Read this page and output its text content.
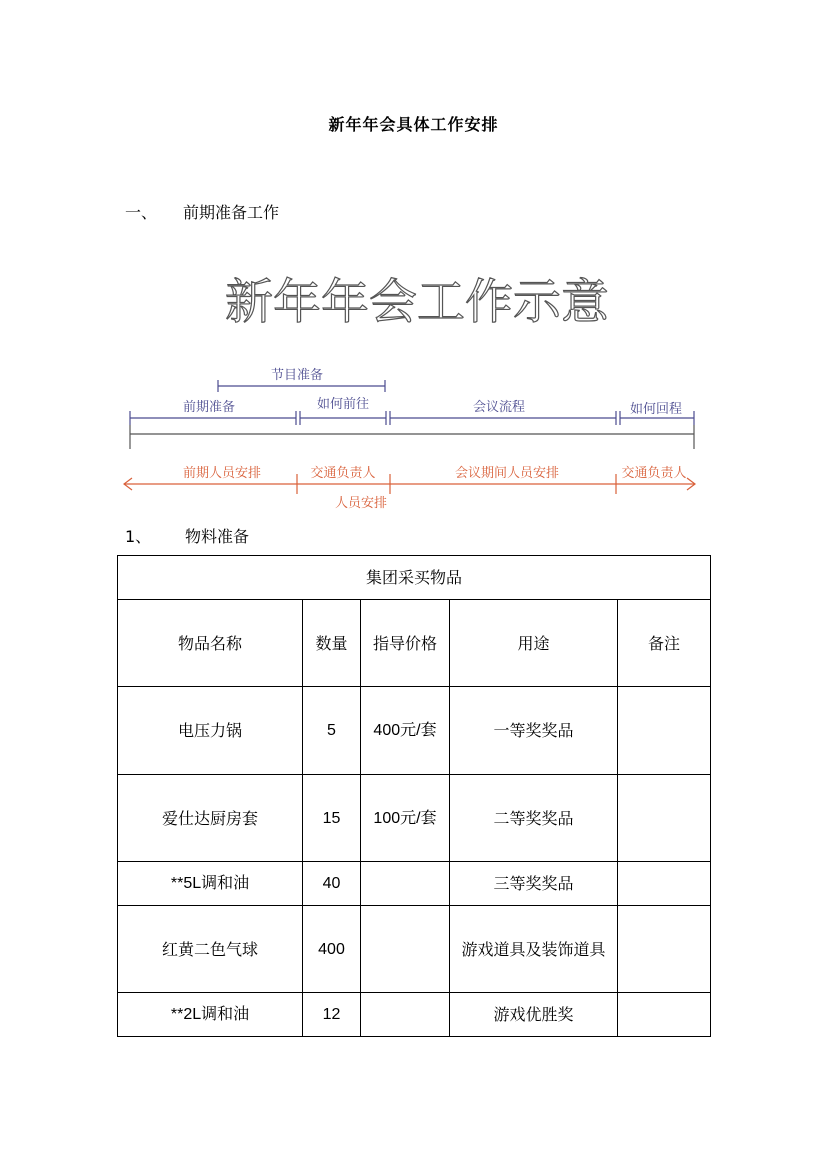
新年年会具体工作安排
一、 前期准备工作
新年年会工作示意
节目准备
前期准备	如何前往	会议流程	如何回程
前期人员安排	交通负责人	会议期间人员安排	交通负责人
人员安排
1、 物料准备
集团采买物品				
物品名称	数量	指导价格	用途	备注
电压力锅	5	400元/套	一等奖奖品	
爱仕达厨房套	15	100元/套	二等奖奖品	
**5L调和油	40		三等奖奖品	
红黄二色气球	400		游戏道具及装饰道具	
**2L调和油	12		游戏优胜奖	
